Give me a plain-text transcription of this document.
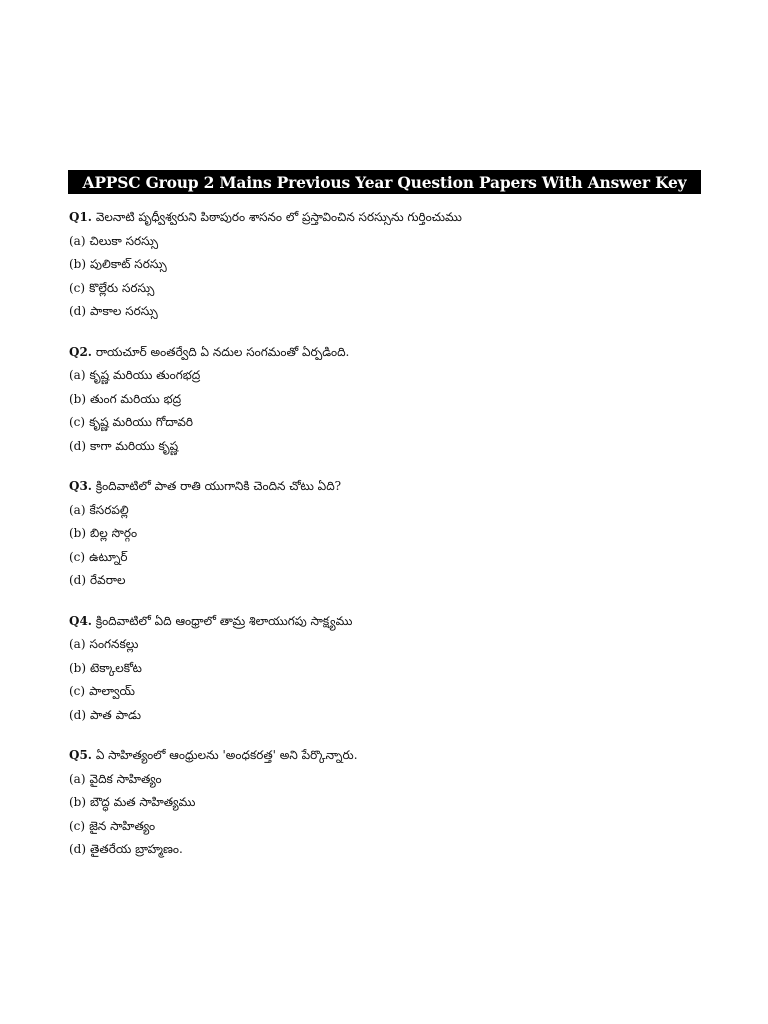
APPSC Group 2 Mains Previous Year Question Papers With Answer Key
Q1. వెలనాటి పృధ్వీశ్వరుని పిఠాపురం శాసనం లో ప్రస్తావించిన సరస్సును గుర్తించుము
(a) చిలుకా సరస్సు
(b) పులికాట్ సరస్సు
(c) కొల్లేరు సరస్సు
(d) పాకాల సరస్సు
Q2. రాయచూర్ అంతర్వేది ఏ నదుల సంగమంతో ఏర్పడింది.
(a) కృష్ణ మరియు తుంగభద్ర
(b) తుంగ మరియు భద్ర
(c) కృష్ణ మరియు గోదావరి
(d) కాగా మరియు కృష్ణ
Q3. క్రిందివాటిలో పాత రాతి యుగానికి చెందిన చోటు ఏది?
(a) కేసరపల్లి
(b) బిల్ల సొర్గం
(c) ఉట్నూర్
(d) రేవరాల
Q4. క్రిందివాటిలో ఏది ఆంధ్రాలో తామ్ర శిలాయుగపు సాక్ష్యము
(a) సంగనకల్లు
(b) టెక్కాలకోట
(c) పాల్వాయ్
(d) పాత పాడు
Q5. ఏ సాహిత్యంలో ఆంధ్రులను 'అంధకరత్త' అని పేర్కొన్నారు.
(a) వైదిక సాహిత్యం
(b) బౌద్ధ మత సాహిత్యము
(c) జైన సాహిత్యం
(d) తైతరేయ బ్రాహ్మణం.
